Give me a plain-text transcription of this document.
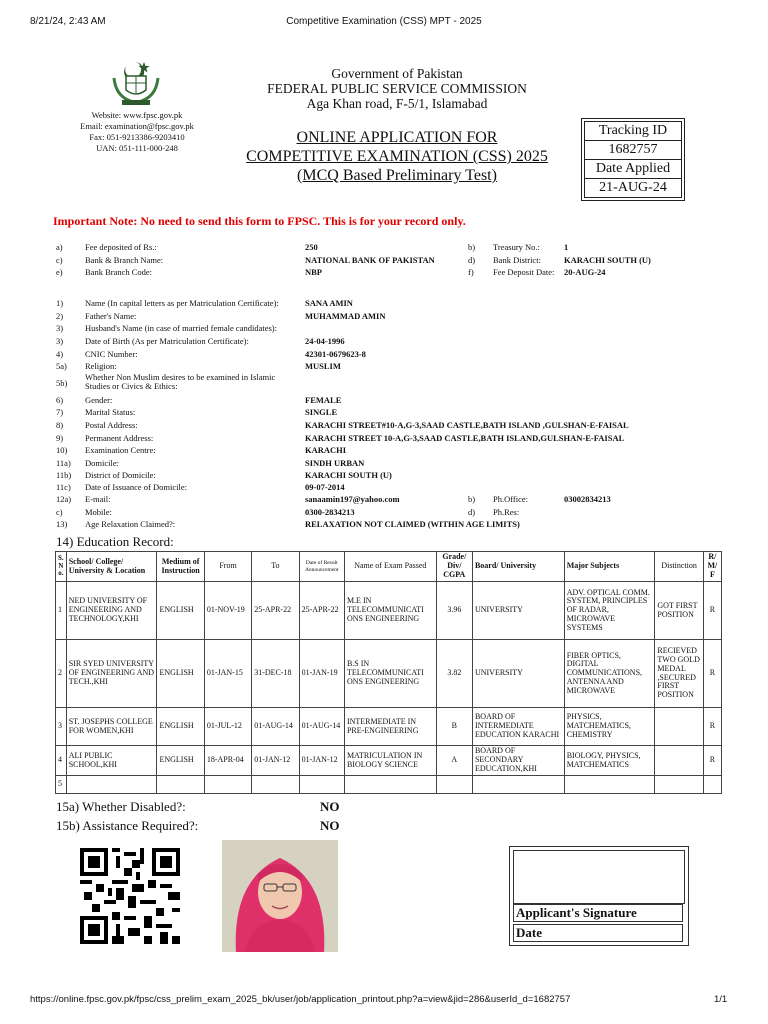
8/21/24, 2:43 AM	Competitive Examination (CSS) MPT - 2025
Website: www.fpsc.gov.pk
Email: examination@fpsc.gov.pk
Fax: 051-9213386-9203410
UAN: 051-111-000-248
Government of Pakistan
FEDERAL PUBLIC SERVICE COMMISSION
Aga Khan road, F-5/1, Islamabad
ONLINE APPLICATION FOR
COMPETITIVE EXAMINATION (CSS) 2025
(MCQ Based Preliminary Test)
Tracking ID
1682757
Date Applied
21-AUG-24
Important Note: No need to send this form to FPSC. This is for your record only.
a)	Fee deposited of Rs.:	250	b) Treasury No.:	1
c)	Bank & Branch Name:	NATIONAL BANK OF PAKISTAN	d) Bank District:	KARACHI SOUTH (U)
e)	Bank Branch Code:	NBP	f) Fee Deposit Date: 20-AUG-24
1)	Name (In capital letters as per Matriculation Certificate):	SANA AMIN
2)	Father's Name:	MUHAMMAD AMIN
3)	Husband's Name (in case of married female candidates):
3)	Date of Birth (As per Matriculation Certificate):	24-04-1996
4)	CNIC Number:	42301-0679623-8
5a) Religion:	MUSLIM
5b)
Whether Non Muslim desires to be examined in Islamic Studies or Civics & Ethics:
6)	Gender:	FEMALE
7)	Marital Status:	SINGLE
8)	Postal Address:	KARACHI STREET#10-A,G-3,SAAD CASTLE,BATH ISLAND ,GULSHAN-E-FAISAL
9)	Permanent Address:	KARACHI STREET 10-A,G-3,SAAD CASTLE,BATH ISLAND,GULSHAN-E-FAISAL
10) Examination Centre:	KARACHI
11a) Domicile:	SINDH URBAN
11b) District of Domicile:	KARACHI SOUTH (U)
11c) Date of Issuance of Domicile:	09-07-2014
12a) E-mail:	sanaamin197@yahoo.com	b) Ph.Office:	03002834213
c)	Mobile:	0300-2834213	d) Ph.Res:
13) Age Relaxation Claimed?:	RELAXATION NOT CLAIMED (WITHIN AGE LIMITS)
14) Education Record:
S. N o.	School/ College/ University & Location	Medium of Instruction	From	To	Date of Result Announcement	Name of Exam Passed	Grade/ Div/ CGPA	Board/ University	Major Subjects	Distinction	R/ M/ F
1	NED UNIVERSITY OF ENGINEERING AND TECHNOLOGY,KHI	ENGLISH	01-NOV-19	25-APR-22	25-APR-22	M.E IN TELECOMMUNICATI ONS ENGINEERING	3.96	UNIVERSITY	ADV. OPTICAL COMM. SYSTEM, PRINCIPLES OF RADAR, MICROWAVE SYSTEMS	GOT FIRST POSITION	R
2	SIR SYED UNIVERSITY OF ENGINEERING AND TECH.,KHI	ENGLISH	01-JAN-15	31-DEC-18	01-JAN-19	B.S IN TELECOMMUNICATI ONS ENGINEERING	3.82	UNIVERSITY	FIBER OPTICS, DIGITAL COMMUNICATIONS, ANTENNA AND MICROWAVE	RECIEVED TWO GOLD MEDAL ,SECURED FIRST POSITION	R
3	ST. JOSEPHS COLLEGE FOR WOMEN,KHI	ENGLISH	01-JUL-12	01-AUG-14	01-AUG-14	INTERMEDIATE IN PRE-ENGINEERING	B	BOARD OF INTERMEDIATE EDUCATION KARACHI	PHYSICS, MATCHEMATICS, CHEMISTRY		R
4	ALI PUBLIC SCHOOL,KHI	ENGLISH	18-APR-04	01-JAN-12	01-JAN-12	MATRICULATION IN BIOLOGY SCIENCE	A	BOARD OF SECONDARY EDUCATION,KHI	BIOLOGY, PHYSICS, MATCHEMATICS		R
5											
15a) Whether Disabled?:	NO
15b) Assistance Required?:	NO
Applicant's Signature
Date
https://online.fpsc.gov.pk/fpsc/css_prelim_exam_2025_bk/user/job/application_printout.php?a=view&jid=286&userId_d=1682757	1/1
